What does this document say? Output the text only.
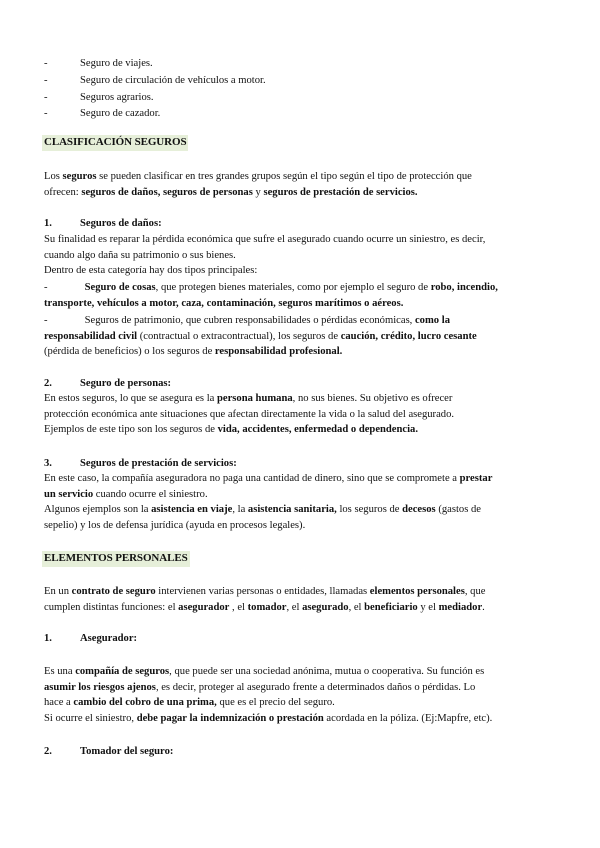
-	Seguro de viajes.
-	Seguro de circulación de vehículos a motor.
-	Seguros agrarios.
-	Seguro de cazador.
CLASIFICACIÓN SEGUROS
Los seguros se pueden clasificar en tres grandes grupos según el tipo según el tipo de protección que
ofrecen: seguros de daños, seguros de personas y seguros de prestación de servicios.
1.	Seguros de daños:
Su finalidad es reparar la pérdida económica que sufre el asegurado cuando ocurre un siniestro, es decir,
cuando algo daña su patrimonio o sus bienes.
Dentro de esta categoría hay dos tipos principales:
-              Seguro de cosas, que protegen bienes materiales, como por ejemplo el seguro de robo, incendio,
transporte, vehículos a motor, caza, contaminación, seguros marítimos o aéreos.
-              Seguros de patrimonio, que cubren responsabilidades o pérdidas económicas, como la
responsabilidad civil (contractual o extracontractual), los seguros de caución, crédito, lucro cesante
(pérdida de beneficios) o los seguros de responsabilidad profesional.
2.	Seguro de personas:
En estos seguros, lo que se asegura es la persona humana, no sus bienes. Su objetivo es ofrecer
protección económica ante situaciones que afectan directamente la vida o la salud del asegurado.
Ejemplos de este tipo son los seguros de vida, accidentes, enfermedad o dependencia.
3.	Seguros de prestación de servicios:
En este caso, la compañía aseguradora no paga una cantidad de dinero, sino que se compromete a prestar
un servicio cuando ocurre el siniestro.
Algunos ejemplos son la asistencia en viaje, la asistencia sanitaria, los seguros de decesos (gastos de
sepelio) y los de defensa jurídica (ayuda en procesos legales).
ELEMENTOS PERSONALES
En un contrato de seguro intervienen varias personas o entidades, llamadas elementos personales, que
cumplen distintas funciones: el asegurador , el tomador, el asegurado, el beneficiario y el mediador.
1.	Asegurador:
Es una compañía de seguros, que puede ser una sociedad anónima, mutua o cooperativa. Su función es
asumir los riesgos ajenos, es decir, proteger al asegurado frente a determinados daños o pérdidas. Lo
hace a cambio del cobro de una prima, que es el precio del seguro.
Si ocurre el siniestro, debe pagar la indemnización o prestación acordada en la póliza. (Ej:Mapfre, etc).
2.	Tomador del seguro:
